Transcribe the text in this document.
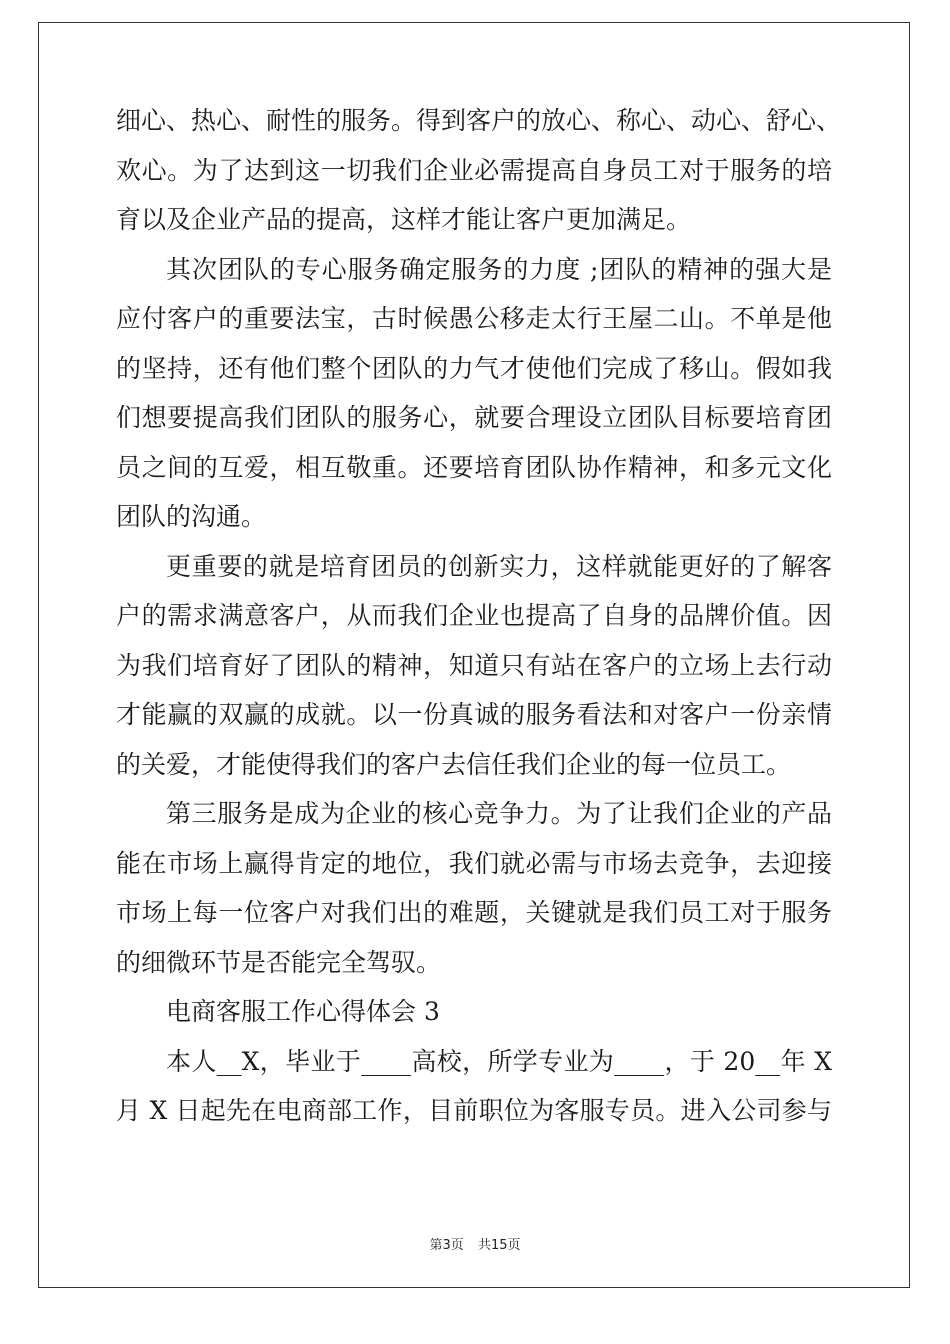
细心、热心、耐性的服务。得到客户的放心、称心、动心、舒心、
欢心。为了达到这一切我们企业必需提高自身员工对于服务的培
育以及企业产品的提高，这样才能让客户更加满足。
其次团队的专心服务确定服务的力度 ;团队的精神的强大是
应付客户的重要法宝，古时候愚公移走太行王屋二山。不单是他
的坚持，还有他们整个团队的力气才使他们完成了移山。假如我
们想要提高我们团队的服务心，就要合理设立团队目标要培育团
员之间的互爱，相互敬重。还要培育团队协作精神，和多元文化
团队的沟通。
更重要的就是培育团员的创新实力，这样就能更好的了解客
户的需求满意客户，从而我们企业也提高了自身的品牌价值。因
为我们培育好了团队的精神，知道只有站在客户的立场上去行动
才能赢的双赢的成就。以一份真诚的服务看法和对客户一份亲情
的关爱，才能使得我们的客户去信任我们企业的每一位员工。
第三服务是成为企业的核心竞争力。为了让我们企业的产品
能在市场上赢得肯定的地位，我们就必需与市场去竞争，去迎接
市场上每一位客户对我们出的难题，关键就是我们员工对于服务
的细微环节是否能完全驾驭。
电商客服工作心得体会 3
本人__X，毕业于____高校，所学专业为____，于 20__年 X
月 X 日起先在电商部工作，目前职位为客服专员。进入公司参与
第3页 共15页
